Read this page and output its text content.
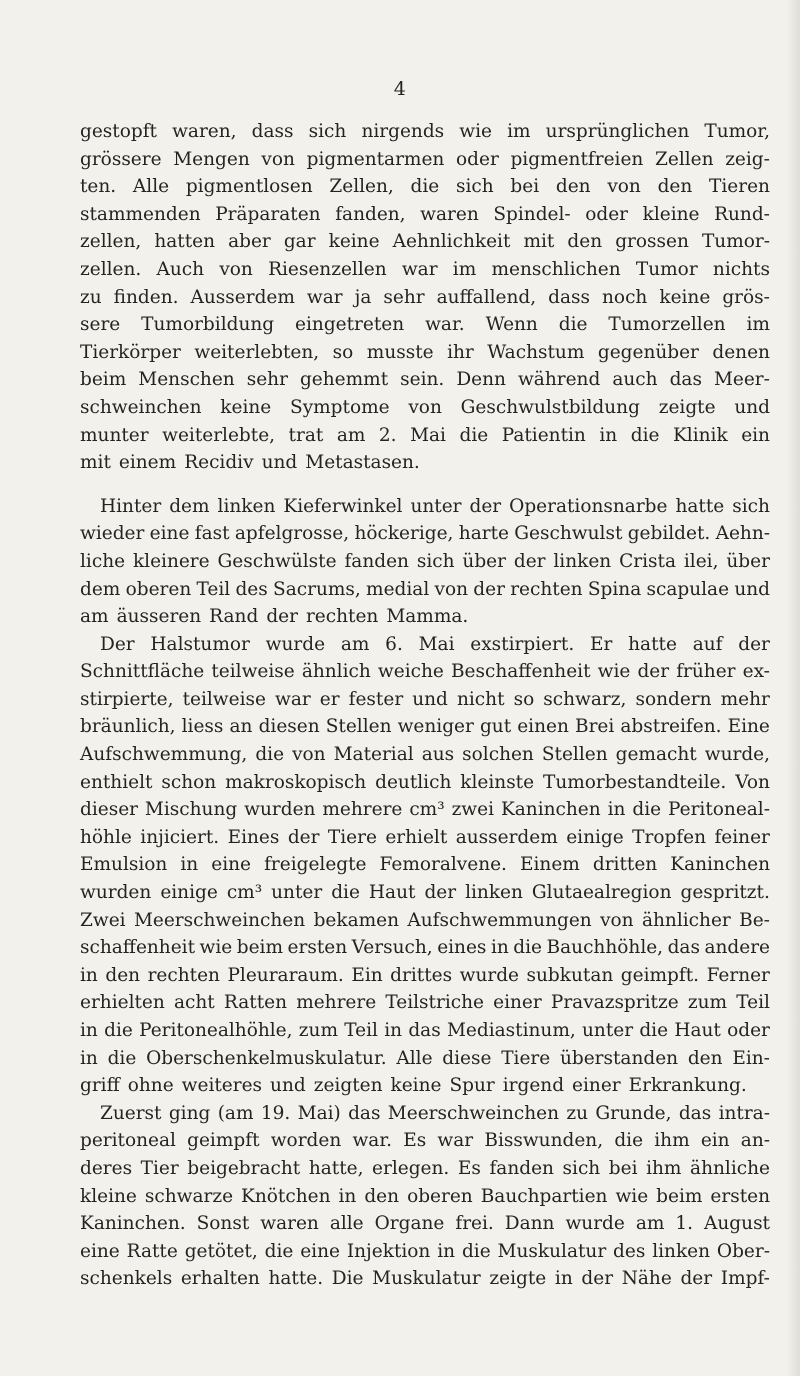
4
gestopft waren, dass sich nirgends wie im ursprünglichen Tumor,
grössere Mengen von pigmentarmen oder pigmentfreien Zellen zeig-
ten. Alle pigmentlosen Zellen, die sich bei den von den Tieren
stammenden Präparaten fanden, waren Spindel- oder kleine Rund-
zellen, hatten aber gar keine Aehnlichkeit mit den grossen Tumor-
zellen. Auch von Riesenzellen war im menschlichen Tumor nichts
zu finden. Ausserdem war ja sehr auffallend, dass noch keine grös-
sere Tumorbildung eingetreten war. Wenn die Tumorzellen im
Tierkörper weiterlebten, so musste ihr Wachstum gegenüber denen
beim Menschen sehr gehemmt sein. Denn während auch das Meer-
schweinchen keine Symptome von Geschwulstbildung zeigte und
munter weiterlebte, trat am 2. Mai die Patientin in die Klinik ein
mit einem Recidiv und Metastasen.
Hinter dem linken Kieferwinkel unter der Operationsnarbe hatte sich
wieder eine fast apfelgrosse, höckerige, harte Geschwulst gebildet. Aehn-
liche kleinere Geschwülste fanden sich über der linken Crista ilei, über
dem oberen Teil des Sacrums, medial von der rechten Spina scapulae und
am äusseren Rand der rechten Mamma.
Der Halstumor wurde am 6. Mai exstirpiert. Er hatte auf der
Schnittfläche teilweise ähnlich weiche Beschaffenheit wie der früher ex-
stirpierte, teilweise war er fester und nicht so schwarz, sondern mehr
bräunlich, liess an diesen Stellen weniger gut einen Brei abstreifen. Eine
Aufschwemmung, die von Material aus solchen Stellen gemacht wurde,
enthielt schon makroskopisch deutlich kleinste Tumorbestandteile. Von
dieser Mischung wurden mehrere cm³ zwei Kaninchen in die Peritoneal-
höhle injiciert. Eines der Tiere erhielt ausserdem einige Tropfen feiner
Emulsion in eine freigelegte Femoralvene. Einem dritten Kaninchen
wurden einige cm³ unter die Haut der linken Glutaealregion gespritzt.
Zwei Meerschweinchen bekamen Aufschwemmungen von ähnlicher Be-
schaffenheit wie beim ersten Versuch, eines in die Bauchhöhle, das andere
in den rechten Pleuraraum. Ein drittes wurde subkutan geimpft. Ferner
erhielten acht Ratten mehrere Teilstriche einer Pravazspritze zum Teil
in die Peritonealhöhle, zum Teil in das Mediastinum, unter die Haut oder
in die Oberschenkelmuskulatur. Alle diese Tiere überstanden den Ein-
griff ohne weiteres und zeigten keine Spur irgend einer Erkrankung.
Zuerst ging (am 19. Mai) das Meerschweinchen zu Grunde, das intra-
peritoneal geimpft worden war. Es war Bisswunden, die ihm ein an-
deres Tier beigebracht hatte, erlegen. Es fanden sich bei ihm ähnliche
kleine schwarze Knötchen in den oberen Bauchpartien wie beim ersten
Kaninchen. Sonst waren alle Organe frei. Dann wurde am 1. August
eine Ratte getötet, die eine Injektion in die Muskulatur des linken Ober-
schenkels erhalten hatte. Die Muskulatur zeigte in der Nähe der Impf-
